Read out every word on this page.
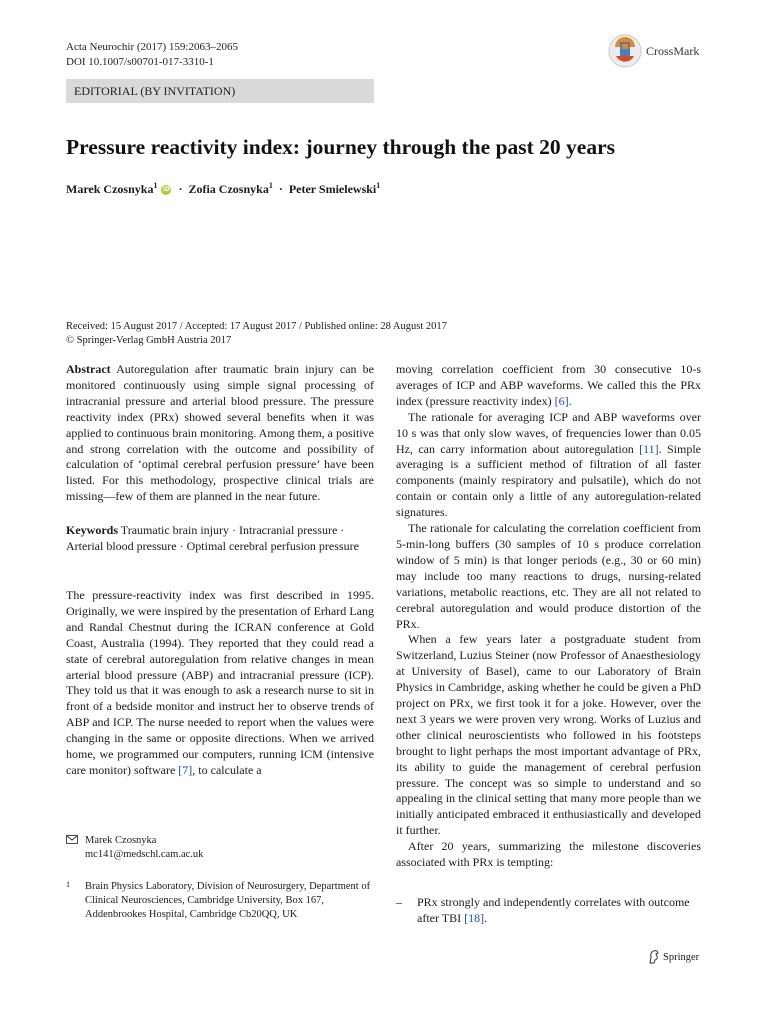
Acta Neurochir (2017) 159:2063–2065
DOI 10.1007/s00701-017-3310-1
CrossMark
EDITORIAL (BY INVITATION)
Pressure reactivity index: journey through the past 20 years
Marek Czosnyka$^1$ iD · Zofia Czosnyka$^1$ · Peter Smielewski$^1$
Received: 15 August 2017 / Accepted: 17 August 2017 / Published online: 28 August 2017
© Springer-Verlag GmbH Austria 2017

Abstract Autoregulation after traumatic brain injury can be monitored continuously using simple signal processing of intracranial pressure and arterial blood pressure. The pressure reactivity index (PRx) showed several benefits when it was applied to continuous brain monitoring. Among them, a positive and strong correlation with the outcome and possibility of calculation of ‘optimal cerebral perfusion pressure’ have been listed. For this methodology, prospective clinical trials are missing—few of them are planned in the near future.

Keywords Traumatic brain injury · Intracranial pressure · Arterial blood pressure · Optimal cerebral perfusion pressure

The pressure-reactivity index was first described in 1995. Originally, we were inspired by the presentation of Erhard Lang and Randal Chestnut during the ICRAN conference at Gold Coast, Australia (1994). They reported that they could read a state of cerebral autoregulation from relative changes in mean arterial blood pressure (ABP) and intracranial pressure (ICP). They told us that it was enough to ask a research nurse to sit in front of a bedside monitor and instruct her to observe trends of ABP and ICP. The nurse needed to report when the values were changing in the same or opposite directions. When we arrived home, we programmed our computers, running ICM (intensive care monitor) software [7], to calculate a

Marek Czosnyka
mc141@medschl.cam.ac.uk
1 Brain Physics Laboratory, Division of Neurosurgery, Department of Clinical Neurosciences, Cambridge University, Box 167, Addenbrookes Hospital, Cambridge Cb20QQ, UK

moving correlation coefficient from 30 consecutive 10-s averages of ICP and ABP waveforms. We called this the PRx index (pressure reactivity index) [6].

The rationale for averaging ICP and ABP waveforms over 10 s was that only slow waves, of frequencies lower than 0.05 Hz, can carry information about autoregulation [11]. Simple averaging is a sufficient method of filtration of all faster components (mainly respiratory and pulsatile), which do not contain or contain only a little of any autoregulation-related signatures.

The rationale for calculating the correlation coefficient from 5-min-long buffers (30 samples of 10 s produce correlation window of 5 min) is that longer periods (e.g., 30 or 60 min) may include too many reactions to drugs, nursing-related variations, metabolic reactions, etc. They are all not related to cerebral autoregulation and would produce distortion of the PRx.

When a few years later a postgraduate student from Switzerland, Luzius Steiner (now Professor of Anaesthesiology at University of Basel), came to our Laboratory of Brain Physics in Cambridge, asking whether he could be given a PhD project on PRx, we first took it for a joke. However, over the next 3 years we were proven very wrong. Works of Luzius and other clinical neuroscientists who followed in his footsteps brought to light perhaps the most important advantage of PRx, its ability to guide the management of cerebral perfusion pressure. The concept was so simple to understand and so appealing in the clinical setting that many more people than we initially anticipated embraced it enthusiastically and developed it further.

After 20 years, summarizing the milestone discoveries associated with PRx is tempting:

– PRx strongly and independently correlates with outcome after TBI [18].
Springer
